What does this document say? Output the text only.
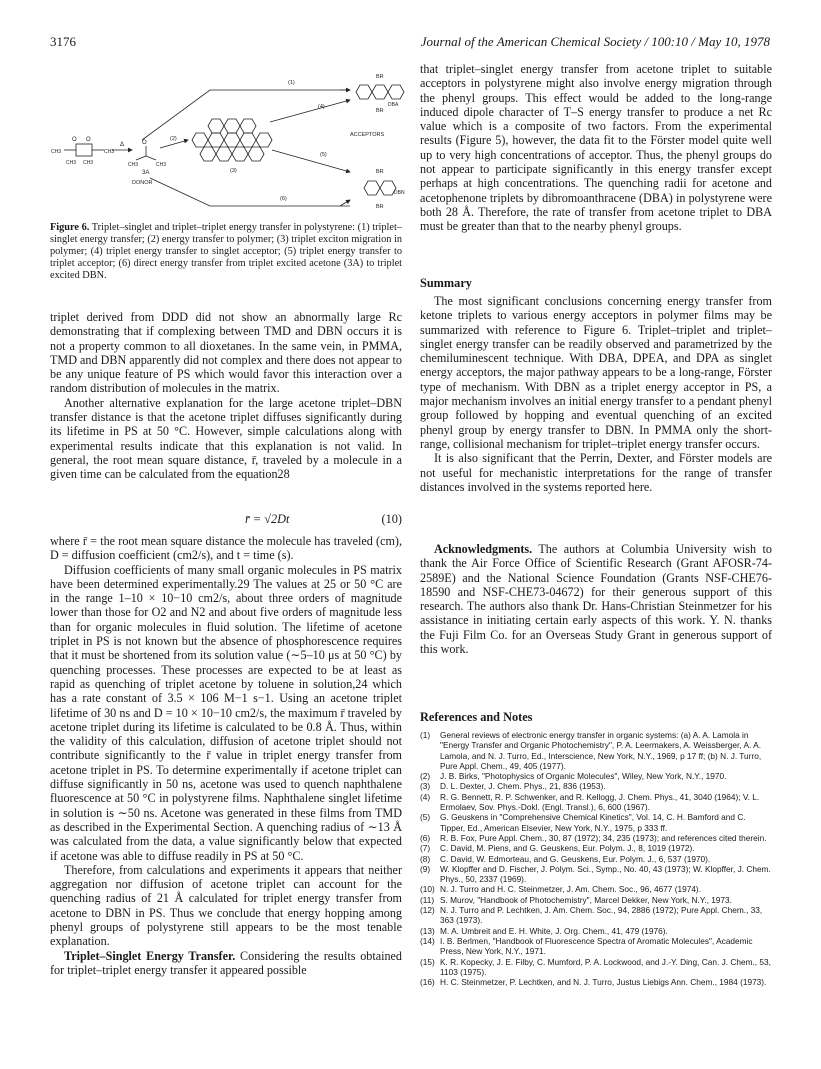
3176	Journal of the American Chemical Society / 100:10 / May 10, 1978
O O
CH3	CH3
CH3 CH3
Δ	O
CH3	CH3
3A
DONOR
(2)
(3)
(1)
(4)
BR
BR
DBA
ACCEPTORS
(5)
(6)
BR
BR
DBN
Figure 6. Triplet–singlet and triplet–triplet energy transfer in polystyrene: (1) triplet–singlet energy transfer; (2) energy transfer to polymer; (3) triplet exciton migration in polymer; (4) triplet energy transfer to singlet acceptor; (5) triplet energy transfer to triplet acceptor; (6) direct energy transfer from triplet excited acetone (3A) to triplet excited DBN.

triplet derived from DDD did not show an abnormally large Rc demonstrating that if complexing between TMD and DBN occurs it is not a property common to all dioxetanes. In the same vein, in PMMA, TMD and DBN apparently did not complex and there does not appear to be any unique feature of PS which would favor this interaction over a random distribution of molecules in the matrix.

Another alternative explanation for the large acetone triplet–DBN transfer distance is that the acetone triplet diffuses significantly during its lifetime in PS at 50 °C. However, simple calculations along with experimental results indicate that this explanation is not valid. In general, the root mean square distance, r̄, traveled by a molecule in a given time can be calculated from the equation28

r̄ = √2Dt	(10)

where r̄ = the root mean square distance the molecule has traveled (cm), D = diffusion coefficient (cm2/s), and t = time (s).

Diffusion coefficients of many small organic molecules in PS matrix have been determined experimentally.29 The values at 25 or 50 °C are in the range 1–10 × 10−10 cm2/s, about three orders of magnitude lower than those for O2 and N2 and about five orders of magnitude less than for organic molecules in fluid solution. The lifetime of acetone triplet in PS is not known but the absence of phosphorescence requires that it must be shortened from its solution value (∼5–10 μs at 50 °C) by quenching processes. These processes are expected to be at least as rapid as quenching of triplet acetone by toluene in solution,24 which has a rate constant of 3.5 × 106 M−1 s−1. Using an acetone triplet lifetime of 30 ns and D = 10 × 10−10 cm2/s, the maximum r̄ traveled by acetone triplet during its lifetime is calculated to be 0.8 Å. Thus, within the validity of this calculation, diffusion of acetone triplet should not contribute significantly to the r̄ value in triplet energy transfer from acetone triplet in PS. To determine experimentally if acetone triplet can diffuse significantly in 50 ns, acetone was used to quench naphthalene fluorescence at 50 °C in polystyrene films. Naphthalene singlet lifetime in solution is ∼50 ns. Acetone was generated in these films from TMD as described in the Experimental Section. A quenching radius of ∼13 Å was calculated from the data, a value significantly below that expected if acetone was able to diffuse readily in PS at 50 °C.

Therefore, from calculations and experiments it appears that neither aggregation nor diffusion of acetone triplet can account for the quenching radius of 21 Å calculated for triplet energy transfer from acetone to DBN in PS. Thus we conclude that energy hopping among phenyl groups of polystyrene still appears to be the most tenable explanation.

Triplet–Singlet Energy Transfer. Considering the results obtained for triplet–triplet energy transfer it appeared possible

that triplet–singlet energy transfer from acetone triplet to suitable acceptors in polystyrene might also involve energy migration through the phenyl groups. This effect would be added to the long-range induced dipole character of T–S energy transfer to produce a net Rc value which is a composite of two factors. From the experimental results (Figure 5), however, the data fit to the Förster model quite well up to very high concentrations of acceptor. Thus, the phenyl groups do not appear to participate significantly in this energy transfer except perhaps at high concentrations. The quenching radii for acetone and acetophenone triplets by dibromoanthracene (DBA) in polystyrene were both 28 Å. Therefore, the rate of transfer from acetone triplet to DBA must be greater than that to the nearby phenyl groups.

Summary

The most significant conclusions concerning energy transfer from ketone triplets to various energy acceptors in polymer films may be summarized with reference to Figure 6. Triplet–triplet and triplet–singlet energy transfer can be readily observed and parametrized by the chemiluminescent technique. With DBA, DPEA, and DPA as singlet energy acceptors, the major pathway appears to be a long-range, Förster type of mechanism. With DBN as a triplet energy acceptor in PS, a major mechanism involves an initial energy transfer to a pendant phenyl group followed by hopping and eventual quenching of an excited phenyl group by energy transfer to DBN. In PMMA only the short-range, collisional mechanism for triplet–triplet energy transfer occurs.

It is also significant that the Perrin, Dexter, and Förster models are not useful for mechanistic interpretations for the range of transfer distances involved in the systems reported here.

Acknowledgments. The authors at Columbia University wish to thank the Air Force Office of Scientific Research (Grant AFOSR-74-2589E) and the National Science Foundation (Grants NSF-CHE76-18590 and NSF-CHE73-04672) for their generous support of this research. The authors also thank Dr. Hans-Christian Steinmetzer for his assistance in initiating certain early aspects of this work. Y. N. thanks the Fuji Film Co. for an Overseas Study Grant in generous support of this work.

References and Notes
(1) General reviews of electronic energy transfer in organic systems: (a) A. A. Lamola in "Energy Transfer and Organic Photochemistry", P. A. Leermakers, A. Weissberger, A. A. Lamola, and N. J. Turro, Ed., Interscience, New York, N.Y., 1969, p 17 ff; (b) N. J. Turro, Pure Appl. Chem., 49, 405 (1977).
(2) J. B. Birks, "Photophysics of Organic Molecules", Wiley, New York, N.Y., 1970.
(3) D. L. Dexter, J. Chem. Phys., 21, 836 (1953).
(4) R. G. Bennett, R. P. Schwenker, and R. Kellogg, J. Chem. Phys., 41, 3040 (1964); V. L. Ermolaev, Sov. Phys.-Dokl. (Engl. Transl.), 6, 600 (1967).
(5) G. Geuskens in "Comprehensive Chemical Kinetics", Vol. 14, C. H. Bamford and C. Tipper, Ed., American Elsevier, New York, N.Y., 1975, p 333 ff.
(6) R. B. Fox, Pure Appl. Chem., 30, 87 (1972); 34, 235 (1973); and references cited therein.
(7) C. David, M. Piens, and G. Geuskens, Eur. Polym. J., 8, 1019 (1972).
(8) C. David, W. Edmorteau, and G. Geuskens, Eur. Polym. J., 6, 537 (1970).
(9) W. Klopffer and D. Fischer, J. Polym. Sci., Symp., No. 40, 43 (1973); W. Klopffer, J. Chem. Phys., 50, 2337 (1969).
(10) N. J. Turro and H. C. Steinmetzer, J. Am. Chem. Soc., 96, 4677 (1974).
(11) S. Murov, "Handbook of Photochemistry", Marcel Dekker, New York, N.Y., 1973.
(12) N. J. Turro and P. Lechtken, J. Am. Chem. Soc., 94, 2886 (1972); Pure Appl. Chem., 33, 363 (1973).
(13) M. A. Umbreit and E. H. White, J. Org. Chem., 41, 479 (1976).
(14) I. B. Berlmen, "Handbook of Fluorescence Spectra of Aromatic Molecules", Academic Press, New York, N.Y., 1971.
(15) K. R. Kopecky, J. E. Filby, C. Mumford, P. A. Lockwood, and J.-Y. Ding, Can. J. Chem., 53, 1103 (1975).
(16) H. C. Steinmetzer, P. Lechtken, and N. J. Turro, Justus Liebigs Ann. Chem., 1984 (1973).
